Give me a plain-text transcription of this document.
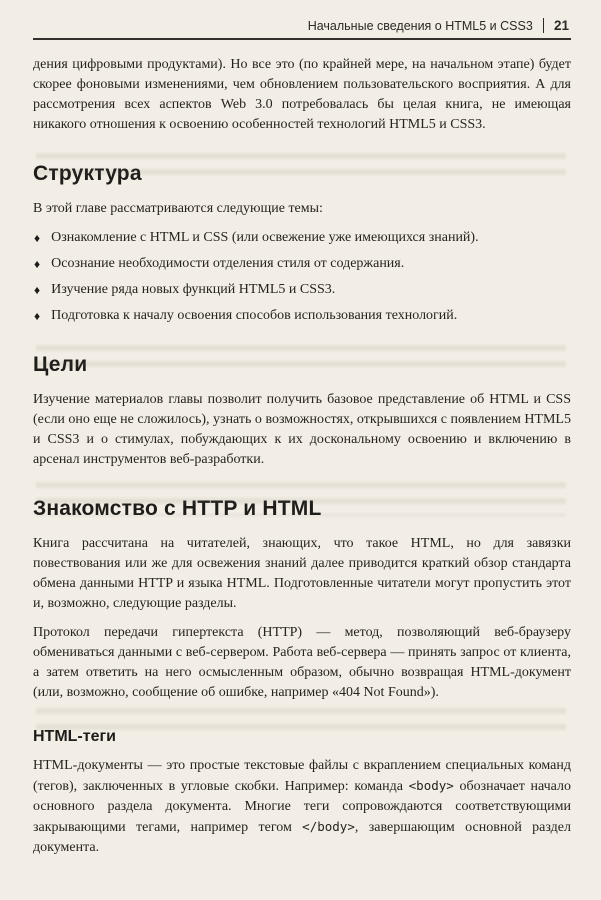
Начальные сведения о HTML5 и CSS3 21

дения цифровыми продуктами). Но все это (по крайней мере, на начальном этапе) будет скорее фоновыми изменениями, чем обновлением пользовательского восприятия. А для рассмотрения всех аспектов Web 3.0 потребовалась бы целая книга, не имеющая никакого отношения к освоению особенностей технологий HTML5 и CSS3.

Структура

В этой главе рассматриваются следующие темы:

♦ Ознакомление с HTML и CSS (или освежение уже имеющихся знаний).
♦ Осознание необходимости отделения стиля от содержания.
♦ Изучение ряда новых функций HTML5 и CSS3.
♦ Подготовка к началу освоения способов использования технологий.
Цели

Изучение материалов главы позволит получить базовое представление об HTML и CSS (если оно еще не сложилось), узнать о возможностях, открывшихся с появлением HTML5 и CSS3 и о стимулах, побуждающих к их доскональному освоению и включению в арсенал инструментов веб-разработки.

Знакомство с HTTP и HTML

Книга рассчитана на читателей, знающих, что такое HTML, но для завязки повествования или же для освежения знаний далее приводится краткий обзор стандарта обмена данными HTTP и языка HTML. Подготовленные читатели могут пропустить этот и, возможно, следующие разделы.

Протокол передачи гипертекста (HTTP) — метод, позволяющий веб-браузеру обмениваться данными с веб-сервером. Работа веб-сервера — принять запрос от клиента, а затем ответить на него осмысленным образом, обычно возвращая HTML-документ (или, возможно, сообщение об ошибке, например «404 Not Found»).

HTML-теги

HTML-документы — это простые текстовые файлы с вкраплением специальных команд (тегов), заключенных в угловые скобки. Например: команда <body> обозначает начало основного раздела документа. Многие теги сопровождаются соответствующими закрывающими тегами, например тегом </body>, завершающим основной раздел документа.
